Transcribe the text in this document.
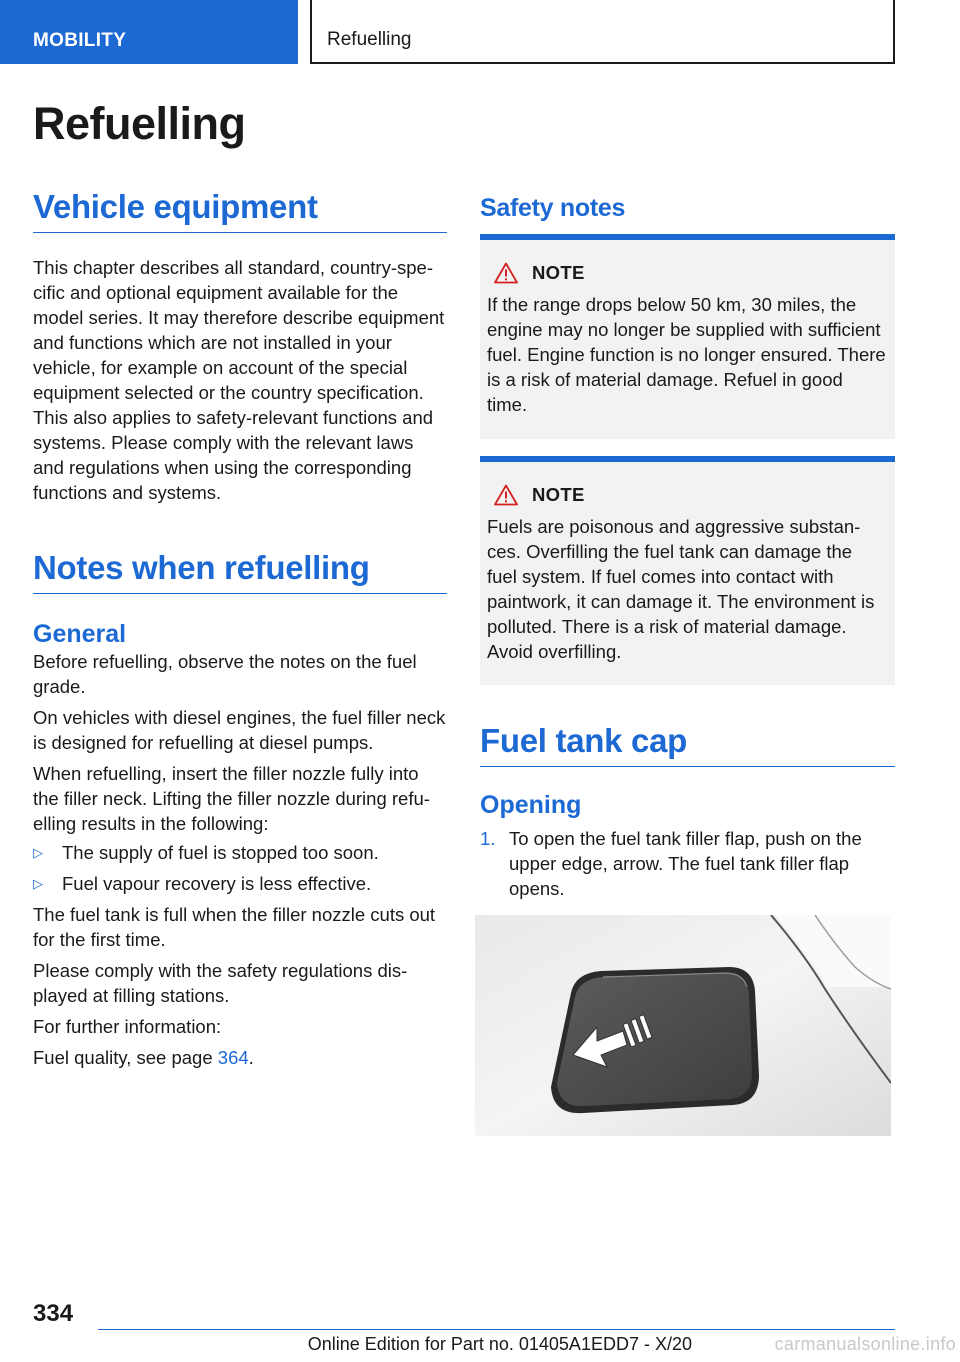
MOBILITY	Refuelling
Refuelling
Vehicle equipment

This chapter describes all standard, country-specific and optional equipment available for the model series. It may therefore describe equipment and functions which are not installed in your vehicle, for example on account of the special equipment selected or the country specification. This also applies to safety-relevant functions and systems. Please comply with the relevant laws and regulations when using the corresponding functions and systems.

Notes when refuelling
General

Before refuelling, observe the notes on the fuel grade.

On vehicles with diesel engines, the fuel filler neck is designed for refuelling at diesel pumps.

When refuelling, insert the filler nozzle fully into the filler neck. Lifting the filler nozzle during refuelling results in the following:

▷ The supply of fuel is stopped too soon.
▷ Fuel vapour recovery is less effective.

The fuel tank is full when the filler nozzle cuts out for the first time.

Please comply with the safety regulations displayed at filling stations.

For further information:

Fuel quality, see page 364.

Safety notes
NOTE

If the range drops below 50 km, 30 miles, the engine may no longer be supplied with sufficient fuel. Engine function is no longer ensured. There is a risk of material damage. Refuel in good time.

NOTE

Fuels are poisonous and aggressive substances. Overfilling the fuel tank can damage the fuel system. If fuel comes into contact with paintwork, it can damage it. The environment is polluted. There is a risk of material damage. Avoid overfilling.

Fuel tank cap
Opening
1. To open the fuel tank filler flap, push on the upper edge, arrow. The fuel tank filler flap opens.
334
Online Edition for Part no. 01405A1EDD7 - X/20	carmanualsonline.info
